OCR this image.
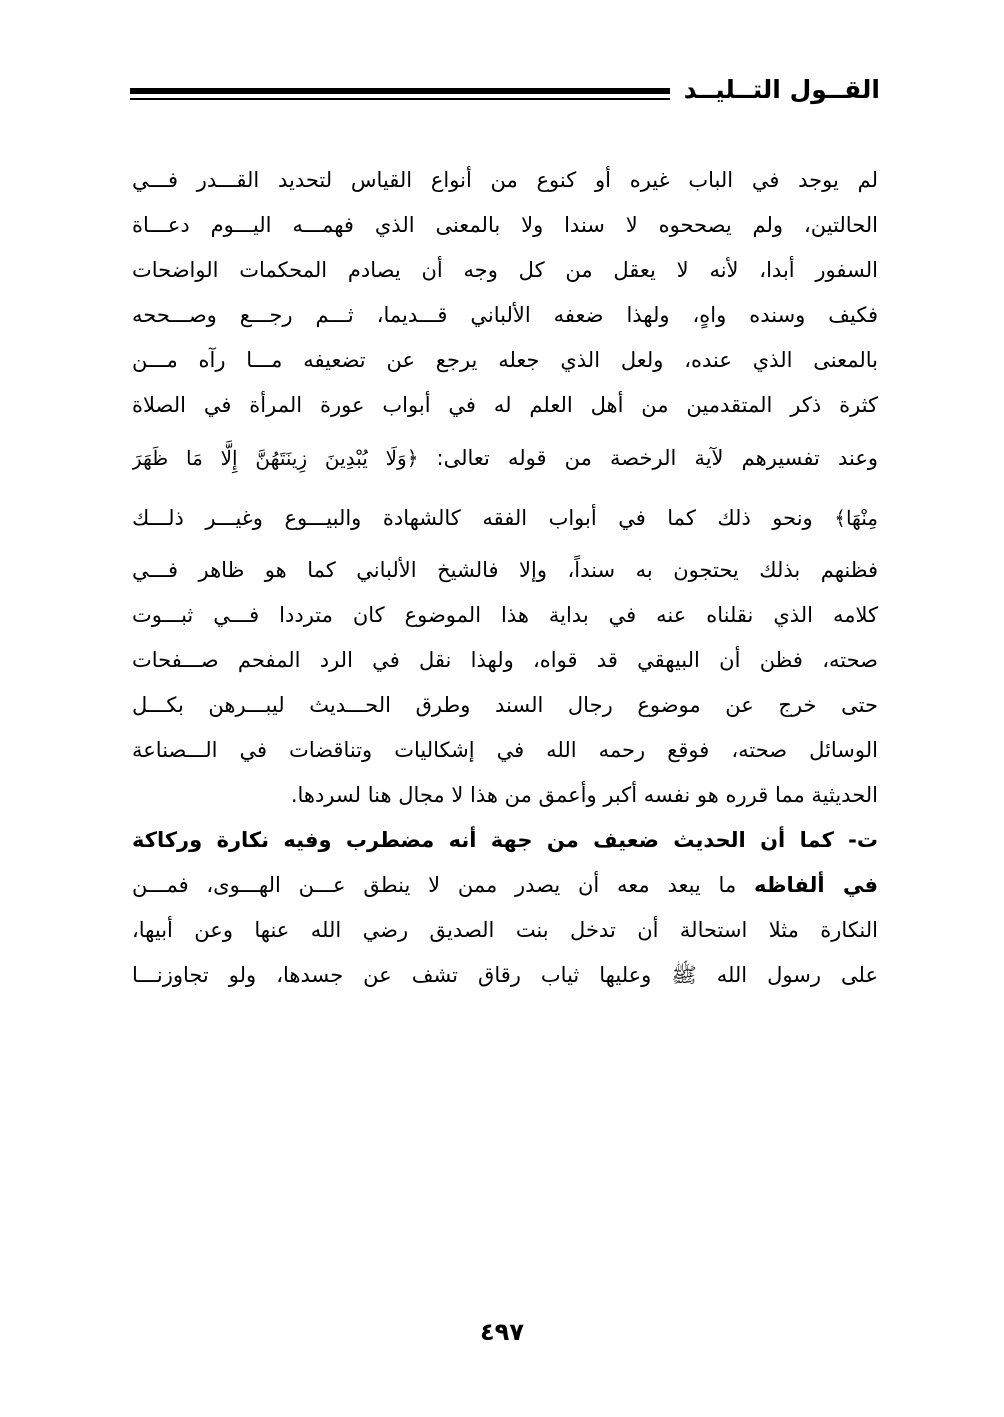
القــول التــليــد
لم يوجد في الباب غيره أو كنوع من أنواع القياس لتحديد القـــدر فـــي
الحالتين، ولم يصححوه لا سندا ولا بالمعنى الذي فهمـــه اليـــوم دعـــاة
السفور أبدا، لأنه لا يعقل من كل وجه أن يصادم المحكمات الواضحات
فكيف وسنده واهٍ، ولهذا ضعفه الألباني قـــديما، ثـــم رجـــع وصـــححه
بالمعنى الذي عنده، ولعل الذي جعله يرجع عن تضعيفه مـــا رآه مـــن
كثرة ذكر المتقدمين من أهل العلم له في أبواب عورة المرأة في الصلاة
وعند تفسيرهم لآية الرخصة من قوله تعالى: ﴿وَلَا يُبْدِينَ زِينَتَهُنَّ إِلَّا مَا ظَهَرَ
مِنْهَا﴾ ونحو ذلك كما في أبواب الفقه كالشهادة والبيـــوع وغيـــر ذلـــك
فظنهم بذلك يحتجون به سنداً، وإلا فالشيخ الألباني كما هو ظاهر فـــي
كلامه الذي نقلناه عنه في بداية هذا الموضوع كان مترددا فـــي ثبـــوت
صحته، فظن أن البيهقي قد قواه، ولهذا نقل في الرد المفحم صـــفحات
حتى خرج عن موضوع رجال السند وطرق الحـــديث ليبـــرهن بكـــل
الوسائل صحته، فوقع رحمه الله في إشكاليات وتناقضات في الـــصناعة
الحديثية مما قرره هو نفسه أكبر وأعمق من هذا لا مجال هنا لسردها.
ت- كما أن الحديث ضعيف من جهة أنه مضطرب وفيه نكارة وركاكة
في ألفاظه ما يبعد معه أن يصدر ممن لا ينطق عـــن الهـــوى، فمـــن
النكارة مثلا استحالة أن تدخل بنت الصديق رضي الله عنها وعن أبيها،
على رسول الله ﷺ وعليها ثياب رقاق تشف عن جسدها، ولو تجاوزنـــا
٤٩٧
